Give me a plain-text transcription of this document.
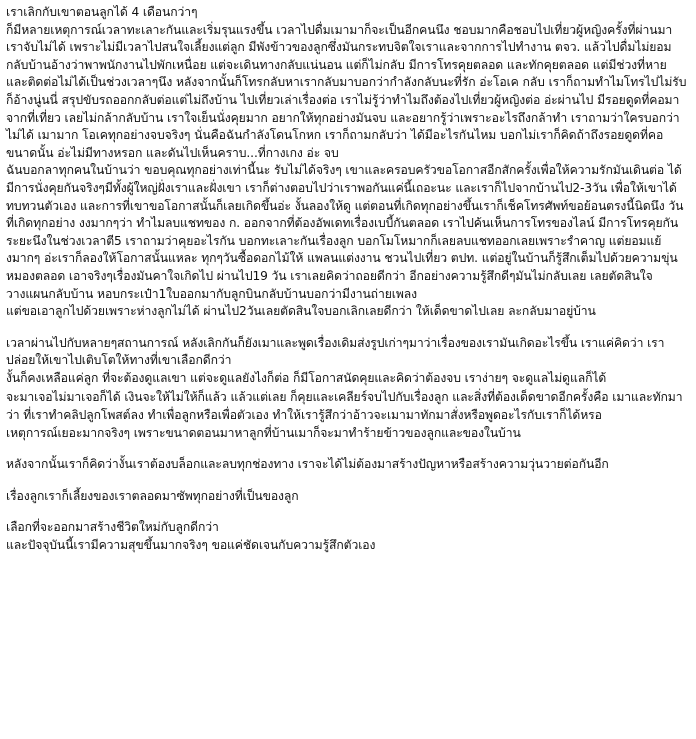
เราเลิกกับเขาตอนลูกได้ 4 เดือนกว่าๆ

ก็มีหลายเหตุการณ์เวลาทะเลาะกันและเริ่มรุนแรงขึ้น เวลาไปดื่มเมามาก็จะเป็นอีกคนนึง ชอบมากคือชอบไปเที่ยวผู้หญิงครั้งที่ผ่านมาเราจับไม่ได้ เพราะไม่มีเวลาไปสนใจเลี้ยงแต่ลูก มีพังข้าวของลูกซึ่งมันกระทบจิตใจเราและจากการไปทำงาน ตจว. แล้วไปดื่มไม่ยอมกลับบ้านอ้างว่าพาพนักงานไปพักเหนื่อย แต่จะเดินทางกลับแน่นอน แต่ก็ไม่กลับ มีการโทรคุยตลอด และทักคุยตลอด แต่มีช่วงที่หายและติดต่อไม่ได้เป็นช่วงเวลาๆนึง หลังจากนั้นก็โทรกลับหาเรากลับมาบอกว่ากำลังกลับนะที่รัก อ่ะโอเค กลับ เราก็ถามทำไมโทรไปไม่รับ ก็อ้างนู่นนี่ สรุปขับรถออกกลับต่อแต่ไม่ถึงบ้าน ไปเที่ยวเล่าเรื่องต่อ เราไม่รู้ว่าทำไมถึงต้องไปเที่ยวผู้หญิงต่อ อ่ะผ่านไป มีรอยดูดที่คอมาจากที่เที่ยว เลยไม่กล้ากลับบ้าน เราใจเย็นนั่งคุยมาก อยากให้ทุกอย่างมันจบ และอยากรู้ว่าเพราะอะไรถึงกล้าทำ เราถามว่าใครบอกว่าไม่ได้ เมามาก โอเคทุกอย่างจบจริงๆ นั่นคือฉันกำลังโดนโกหก เราก็ถามกลับว่า ได้มีอะไรกันไหม บอกไม่เราก็คิดถ้าถึงรอยดูดที่คอขนาดนั้น อ่ะไม่มีทางหรอก และดันไปเห็นคราบ...ที่กางเกง อ่ะ จบ

ฉันบอกลาทุกคนในบ้านว่า ขอบคุณทุกอย่างเท่านี้นะ รับไม่ได้จริงๆ เขาและครอบครัวขอโอกาสอีกสักครั้งเพื่อให้ความรักมันเดินต่อ ได้มีการนั่งคุยกันจริงๆมีทั้งผู้ใหญ่ฝั่งเราและฝั่งเขา เราก็ต่างตอบไปว่าเราพอกันแค่นี้เถอะนะ และเราก็ไปจากบ้านไป2-3วัน เพื่อให้เขาได้ทบทวนตัวเอง และการที่เขาขอโอกาสนั้นก็เลยเกิดขึ้นอ่ะ งั้นลองให้ดู แต่ตอนที่เกิดทุกอย่างขึ้นเราก็เช็คโทรศัพท์ขอย้อนตรงนี้นิดนึง วันที่เกิดทุกอย่าง งงมากๆว่า ทำไมลบแชทของ ก. ออกจากที่ต้องอัพเดทเรื่องเบบี้กันตลอด เราไปค้นเห็นการโทรของไลน์ มีการโทรคุยกันระยะนึงในช่วงเวลาตี5 เราถามว่าคุยอะไรกัน บอกทะเลาะกันเรื่องลูก บอกโมโหมากก็เลยลบแชทออกเลยเพราะรำคาญ แต่ยอมแย้งมากๆ อ่ะเราก็ลองให้โอกาสนั้นแหละ ทุกๆวันซื้อดอกไม้ให้ แพลนแต่งงาน ชวนไปเที่ยว ตปท. แต่อยู่ในบ้านก็รู้สึกเต็มไปด้วยความขุ่นหมองตลอด เอาจริงๆเรื่องมันคาใจเกิดไป ผ่านไป19 วัน เราเลยคิดว่าถอยดีกว่า อีกอย่างความรู้สึกดีๆมันไม่กลับเลย เลยตัดสินใจวางแผนกลับบ้าน หอบกระเป๋า1ใบออกมากับลูกบินกลับบ้านบอกว่ามีงานถ่ายเพลง

แต่ขอเอาลูกไปด้วยเพราะห่างลูกไม่ได้ ผ่านไป2วันเลยตัดสินใจบอกเลิกเลยดีกว่า ให้เด็ดขาดไปเลย ละกลับมาอยู่บ้าน

เวลาผ่านไปกับหลายๆสถานการณ์ หลังเลิกกันก็ยังเมาและพูดเรื่องเดิมส่งรูปเก่าๆมาว่าเรื่องของเรามันเกิดอะไรขึ้น เราแค่คิดว่า เราปล่อยให้เขาไปเติบโตให้ทางที่เขาเลือกดีกว่า

งั้นก็คงเหลือแค่ลูก ที่จะต้องดูแลเขา แต่จะดูแลยังไงก็ต่อ ก็มีโอกาสนัดคุยและคิดว่าต้องจบ เราง่ายๆ จะดูแลไม่ดูแลก็ได้

จะมาเจอไม่มาเจอก็ได้ เงินจะให้ไม่ให้ก็แล้ว แล้วแต่เลย ก็คุยและเคลียร์จบไปกับเรื่องลูก และสิ่งที่ต้องเด็ดขาดอีกครั้งคือ เมาและทักมาว่า ที่เราทำคลิปลูกโพสต์ลง ทำเพื่อลูกหรือเพื่อตัวเอง ทำให้เรารู้สึกว่าอ้าวจะเมามาทักมาสั่งหรือพูดอะไรกับเราก็ได้หรอ

เหตุการณ์เยอะมากจริงๆ เพราะขนาดตอนมาหาลูกที่บ้านเมาก็จะมาทำร้ายข้าวของลูกและของในบ้าน

หลังจากนั้นเราก็คิดว่างั้นเราต้องบล็อกและลบทุกช่องทาง เราจะได้ไม่ต้องมาสร้างปัญหาหรือสร้างความวุ่นวายต่อกันอีก

เรื่องลูกเราก็เลี้ยงของเราตลอดมาซัพทุกอย่างที่เป็นของลูก

เลือกที่จะออกมาสร้างชีวิตใหม่กับลูกดีกว่า

และปัจจุบันนี้เรามีความสุขขึ้นมากจริงๆ ขอแค่ชัดเจนกับความรู้สึกตัวเอง
